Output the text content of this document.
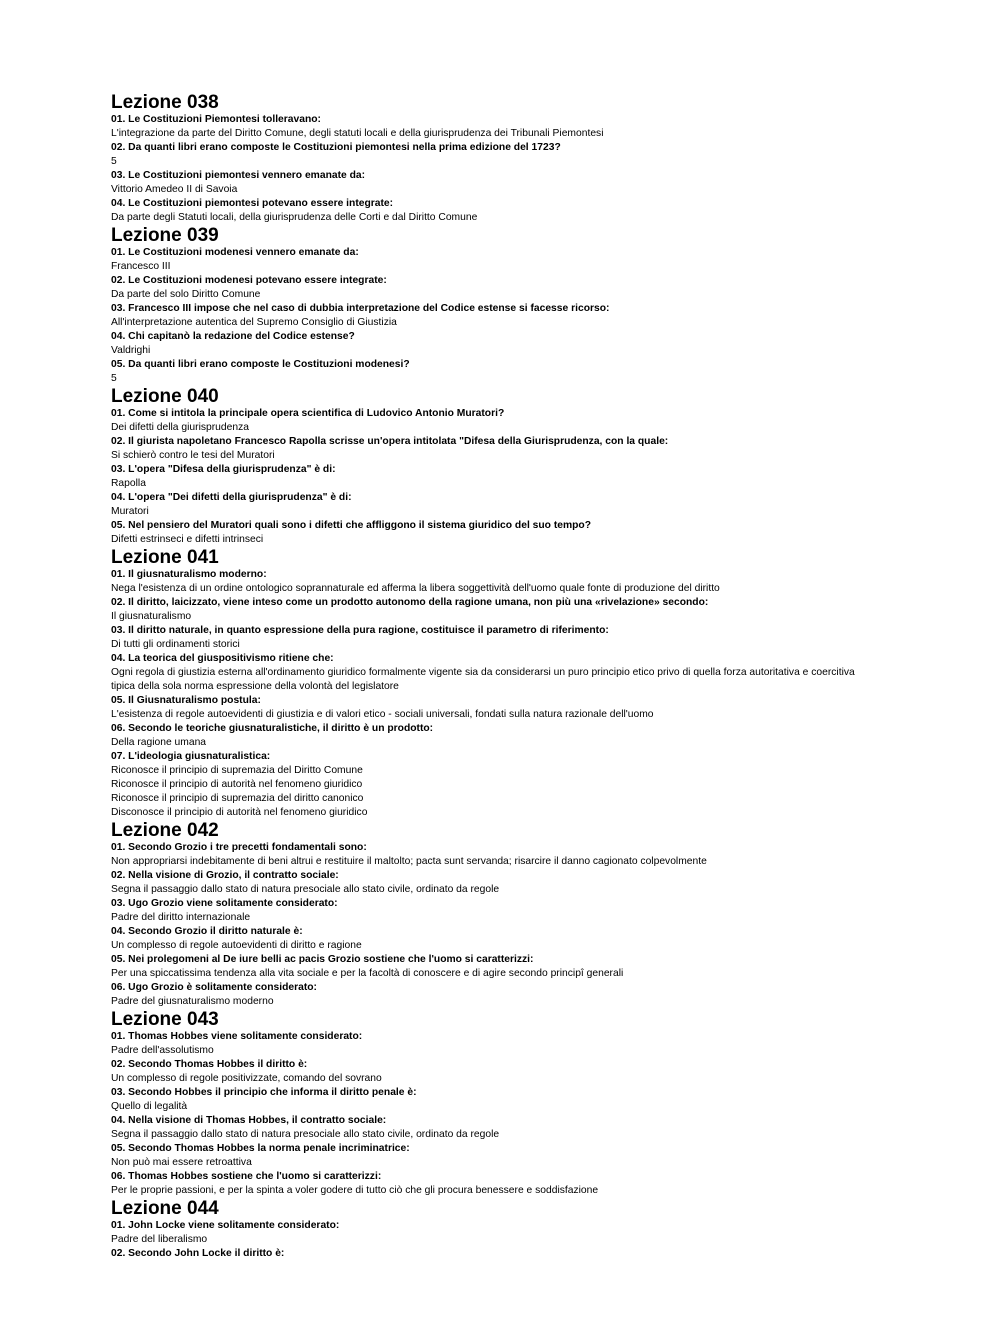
Lezione 038
01. Le Costituzioni Piemontesi tolleravano:
L'integrazione da parte del Diritto Comune, degli statuti locali e della giurisprudenza dei Tribunali Piemontesi
02. Da quanti libri erano composte le Costituzioni piemontesi nella prima edizione del 1723?
5
03. Le Costituzioni piemontesi vennero emanate da:
Vittorio Amedeo II di Savoia
04. Le Costituzioni piemontesi potevano essere integrate:
Da parte degli Statuti locali, della giurisprudenza delle Corti e dal Diritto Comune
Lezione 039
01. Le Costituzioni modenesi vennero emanate da:
Francesco III
02. Le Costituzioni modenesi potevano essere integrate:
Da parte del solo Diritto Comune
03. Francesco III impose che nel caso di dubbia interpretazione del Codice estense si facesse ricorso:
All'interpretazione autentica del Supremo Consiglio di Giustizia
04. Chi capitanò la redazione del Codice estense?
Valdrighi
05. Da quanti libri erano composte le Costituzioni modenesi?
5
Lezione 040
01. Come si intitola la principale opera scientifica di Ludovico Antonio Muratori?
Dei difetti della giurisprudenza
02. Il giurista napoletano Francesco Rapolla scrisse un'opera intitolata "Difesa della Giurisprudenza, con la quale:
Si schierò contro le tesi del Muratori
03. L'opera "Difesa della giurisprudenza" è di:
Rapolla
04. L'opera "Dei difetti della giurisprudenza" è di:
Muratori
05. Nel pensiero del Muratori quali sono i difetti che affliggono il sistema giuridico del suo tempo?
Difetti estrinseci e difetti intrinseci
Lezione 041
01. Il giusnaturalismo moderno:
Nega l'esistenza di un ordine ontologico soprannaturale ed afferma la libera soggettività dell'uomo quale fonte di produzione del diritto
02. Il diritto, laicizzato, viene inteso come un prodotto autonomo della ragione umana, non più una «rivelazione» secondo:
Il giusnaturalismo
03. Il diritto naturale, in quanto espressione della pura ragione, costituisce il parametro di riferimento:
Di tutti gli ordinamenti storici
04. La teorica del giuspositivismo ritiene che:
Ogni regola di giustizia esterna all'ordinamento giuridico formalmente vigente sia da considerarsi un puro principio etico privo di quella forza autoritativa e coercitiva tipica della sola norma espressione della volontà del legislatore
05. Il Giusnaturalismo postula:
L'esistenza di regole autoevidenti di giustizia e di valori etico - sociali universali, fondati sulla natura razionale dell'uomo
06. Secondo le teoriche giusnaturalistiche, il diritto è un prodotto:
Della ragione umana
07. L'ideologia giusnaturalistica:
Riconosce il principio di supremazia del Diritto Comune
Riconosce il principio di autorità nel fenomeno giuridico
Riconosce il principio di supremazia del diritto canonico
Disconosce il principio di autorità nel fenomeno giuridico
Lezione 042
01. Secondo Grozio i tre precetti fondamentali sono:
Non appropriarsi indebitamente di beni altrui e restituire il maltolto; pacta sunt servanda; risarcire il danno cagionato colpevolmente
02. Nella visione di Grozio, il contratto sociale:
Segna il passaggio dallo stato di natura presociale allo stato civile, ordinato da regole
03. Ugo Grozio viene solitamente considerato:
Padre del diritto internazionale
04. Secondo Grozio il diritto naturale è:
Un complesso di regole autoevidenti di diritto e ragione
05. Nei prolegomeni al De iure belli ac pacis Grozio sostiene che l'uomo si caratterizzi:
Per una spiccatissima tendenza alla vita sociale e per la facoltà di conoscere e di agire secondo principî generali
06. Ugo Grozio è solitamente considerato:
Padre del giusnaturalismo moderno
Lezione 043
01. Thomas Hobbes viene solitamente considerato:
Padre dell'assolutismo
02. Secondo Thomas Hobbes il diritto è:
Un complesso di regole positivizzate, comando del sovrano
03. Secondo Hobbes il principio che informa il diritto penale è:
Quello di legalità
04. Nella visione di Thomas Hobbes, il contratto sociale:
Segna il passaggio dallo stato di natura presociale allo stato civile, ordinato da regole
05. Secondo Thomas Hobbes la norma penale incriminatrice:
Non può mai essere retroattiva
06. Thomas Hobbes sostiene che l'uomo si caratterizzi:
Per le proprie passioni, e per la spinta a voler godere di tutto ciò che gli procura benessere e soddisfazione
Lezione 044
01. John Locke viene solitamente considerato:
Padre del liberalismo
02. Secondo John Locke il diritto è:
